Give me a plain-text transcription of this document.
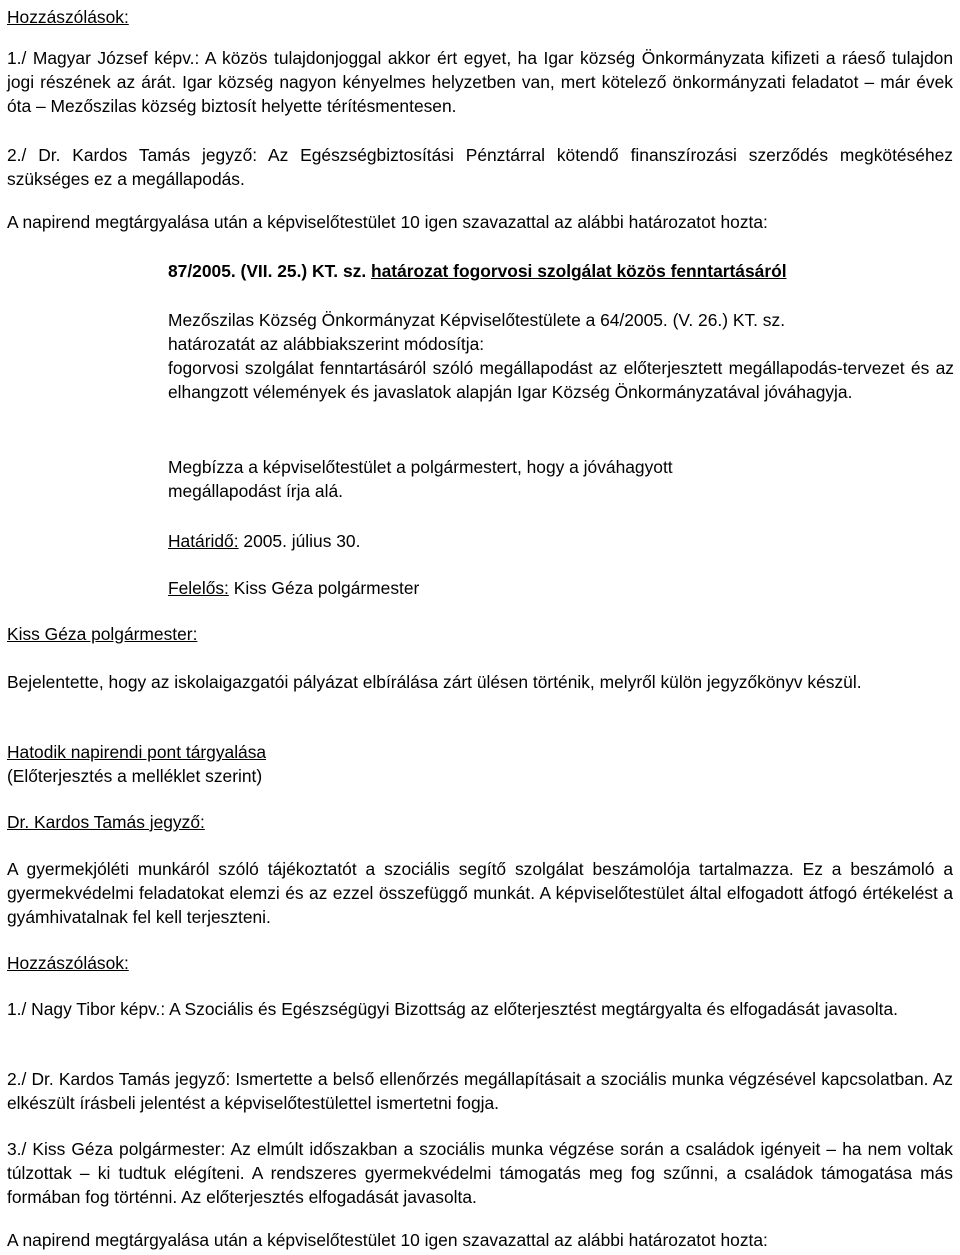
Hozzászólások:

1./ Magyar József képv.: A közös tulajdonjoggal akkor ért egyet, ha Igar község Önkormányzata kifizeti a ráeső tulajdon jogi részének az árát. Igar község nagyon kényelmes helyzetben van, mert kötelező önkormányzati feladatot – már évek óta – Mezőszilas község biztosít helyette térítésmentesen.

2./ Dr. Kardos Tamás jegyző: Az Egészségbiztosítási Pénztárral kötendő finanszírozási szerződés megkötéséhez szükséges ez a megállapodás.

A napirend megtárgyalása után a képviselőtestület 10 igen szavazattal az alábbi határozatot hozta:

87/2005. (VII. 25.) KT. sz. határozat fogorvosi szolgálat közös fenntartásáról

Mezőszilas Község Önkormányzat Képviselőtestülete a 64/2005. (V. 26.) KT. sz.

határozatát az alábbiakszerint módosítja:

fogorvosi szolgálat fenntartásáról szóló megállapodást az előterjesztett megállapodás-tervezet és az elhangzott vélemények és javaslatok alapján Igar Község Önkormányzatával jóváhagyja.

Megbízza a képviselőtestület a polgármestert, hogy a jóváhagyott megállapodást írja alá.

Határidő: 2005. július 30.

Felelős: Kiss Géza polgármester

Kiss Géza polgármester:

Bejelentette, hogy az iskolaigazgatói pályázat elbírálása zárt ülésen történik, melyről külön jegyzőkönyv készül.

Hatodik napirendi pont tárgyalása

(Előterjesztés a melléklet szerint)

Dr. Kardos Tamás jegyző:

A gyermekjóléti munkáról szóló tájékoztatót a szociális segítő szolgálat beszámolója tartalmazza. Ez a beszámoló a gyermekvédelmi feladatokat elemzi és az ezzel összefüggő munkát. A képviselőtestület által elfogadott átfogó értékelést a gyámhivatalnak fel kell terjeszteni.

Hozzászólások:

1./ Nagy Tibor képv.: A Szociális és Egészségügyi Bizottság az előterjesztést megtárgyalta és elfogadását javasolta.

2./ Dr. Kardos Tamás jegyző: Ismertette a belső ellenőrzés megállapításait a szociális munka végzésével kapcsolatban. Az elkészült írásbeli jelentést a képviselőtestülettel ismertetni fogja.

3./ Kiss Géza polgármester: Az elmúlt időszakban a szociális munka végzése során a családok igényeit – ha nem voltak túlzottak – ki tudtuk elégíteni. A rendszeres gyermekvédelmi támogatás meg fog szűnni, a családok támogatása más formában fog történni. Az előterjesztés elfogadását javasolta.

A napirend megtárgyalása után a képviselőtestület 10 igen szavazattal az alábbi határozatot hozta:
